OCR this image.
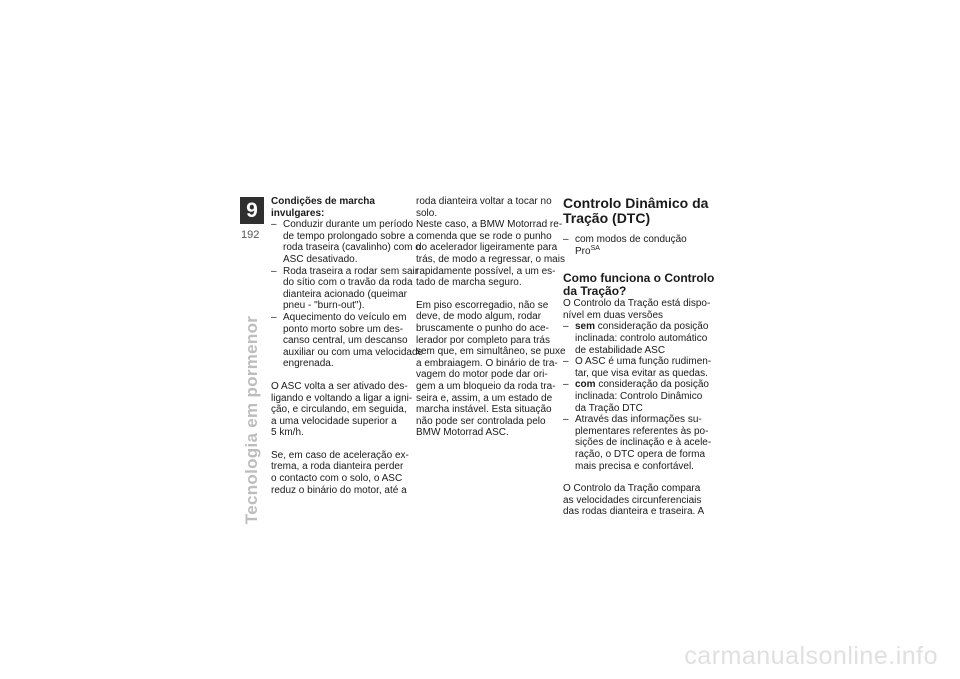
9
192
Tecnologia em pormenor
Condições de marcha
invulgares:
– Conduzir durante um período
de tempo prolongado sobre a
roda traseira (cavalinho) com o
ASC desativado.
– Roda traseira a rodar sem sair
do sítio com o travão da roda
dianteira acionado (queimar
pneu - "burn-out").
– Aquecimento do veículo em
ponto morto sobre um des-
canso central, um descanso
auxiliar ou com uma velocidade
engrenada.
O ASC volta a ser ativado des-
ligando e voltando a ligar a igni-
ção, e circulando, em seguida,
a uma velocidade superior a
5 km/h.
Se, em caso de aceleração ex-
trema, a roda dianteira perder
o contacto com o solo, o ASC
reduz o binário do motor, até a
roda dianteira voltar a tocar no
solo.
Neste caso, a BMW Motorrad re-
comenda que se rode o punho
do acelerador ligeiramente para
trás, de modo a regressar, o mais
rapidamente possível, a um es-
tado de marcha seguro.
Em piso escorregadio, não se
deve, de modo algum, rodar
bruscamente o punho do ace-
lerador por completo para trás
sem que, em simultâneo, se puxe
a embraiagem. O binário de tra-
vagem do motor pode dar ori-
gem a um bloqueio da roda tra-
seira e, assim, a um estado de
marcha instável. Esta situação
não pode ser controlada pelo
BMW Motorrad ASC.
Controlo Dinâmico da
Tração (DTC)
– com modos de condução
Pro$^{SA}$
Como funciona o Controlo
da Tração?
O Controlo da Tração está dispo-
nível em duas versões
– sem consideração da posição
inclinada: controlo automático
de estabilidade ASC
– O ASC é uma função rudimen-
tar, que visa evitar as quedas.
– com consideração da posição
inclinada: Controlo Dinâmico
da Tração DTC
– Através das informações su-
plementares referentes às po-
sições de inclinação e à acele-
ração, o DTC opera de forma
mais precisa e confortável.
O Controlo da Tração compara
as velocidades circunferenciais
das rodas dianteira e traseira. A
carmanualsonline.info
